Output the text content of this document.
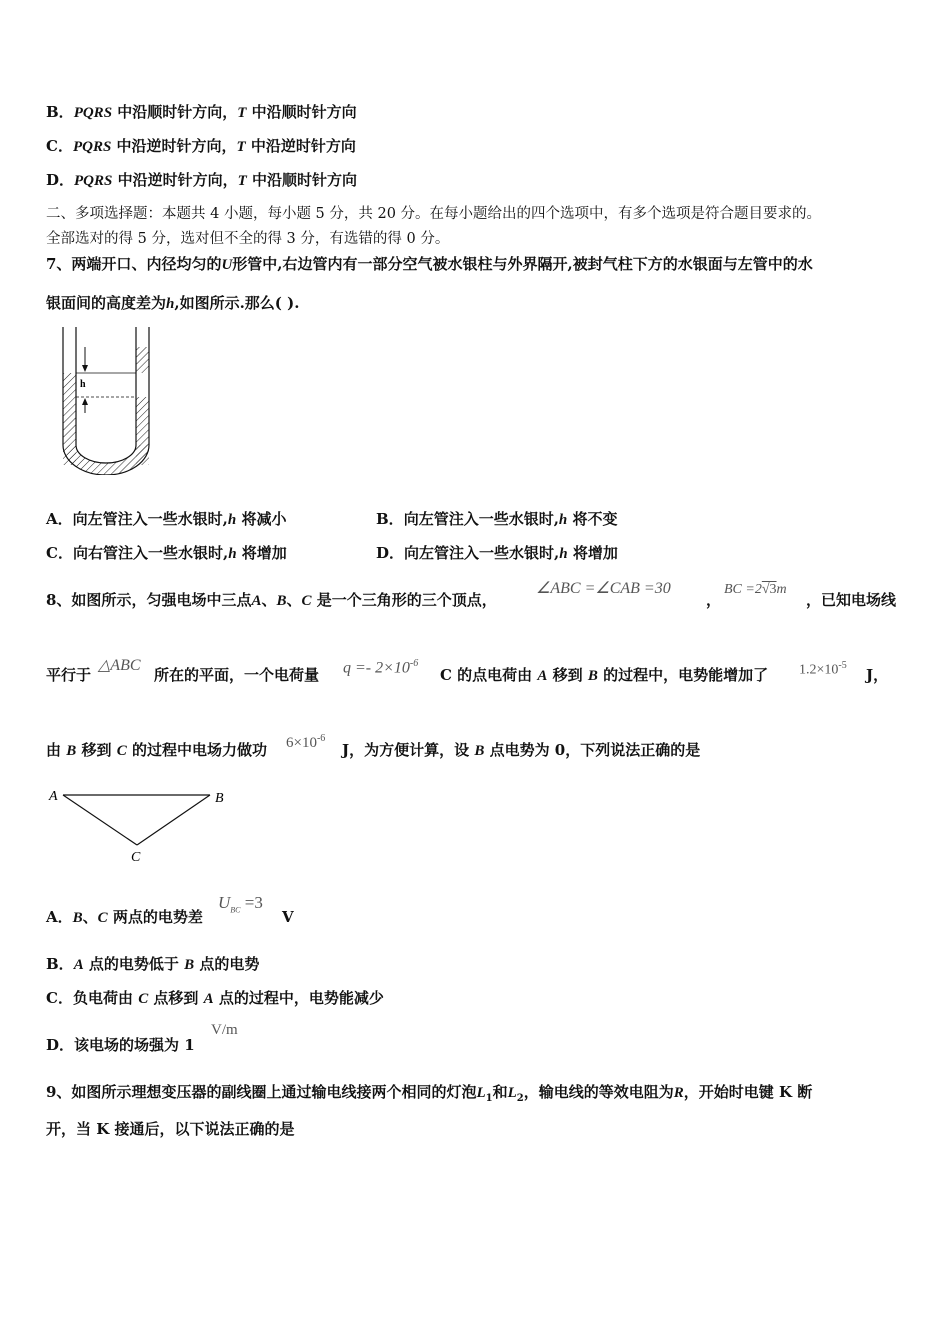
B．PQRS 中沿顺时针方向，T 中沿顺时针方向
C．PQRS 中沿逆时针方向，T 中沿逆时针方向
D．PQRS 中沿逆时针方向，T 中沿顺时针方向
二、多项选择题：本题共 4 小题，每小题 5 分，共 20 分。在每小题给出的四个选项中，有多个选项是符合题目要求的。
全部选对的得 5 分，选对但不全的得 3 分，有选错的得 0 分。
7、两端开口、内径均匀的U形管中,右边管内有一部分空气被水银柱与外界隔开,被封气柱下方的水银面与左管中的水
银面间的高度差为h,如图所示.那么( ).
h
A．向左管注入一些水银时,h 将减小	B．向左管注入一些水银时,h 将不变
C．向右管注入一些水银时,h 将增加	D．向左管注入一些水银时,h 将增加
8、如图所示，匀强电场中三点A、B、C 是一个三角形的三个顶点，
∠ABC =∠CAB =30
，
BC =2√3m
，已知电场线
平行于
△ABC
所在的平面，一个电荷量 $q =- 2\times 10^{-6}$
C 的点电荷由 A 移到 B 的过程中，电势能增加了 $1.2\times 10^{-5}$
J，
由 B 移到 C 的过程中电场力做功 $6\times 10^{-6}$
J，为方便计算，设 B 点电势为 0，下列说法正确的是
A	B
C
A．B、C 两点的电势差
$U_{BC} =3$
V
B．A 点的电势低于 B 点的电势
C．负电荷由 C 点移到 A 点的过程中，电势能减少
D．该电场的场强为 1
V/m
9、如图所示理想变压器的副线圈上通过输电线接两个相同的灯泡$L_1$和$L_2$，输电线的等效电阻为R，开始时电键 K 断
开，当 K 接通后，以下说法正确的是
